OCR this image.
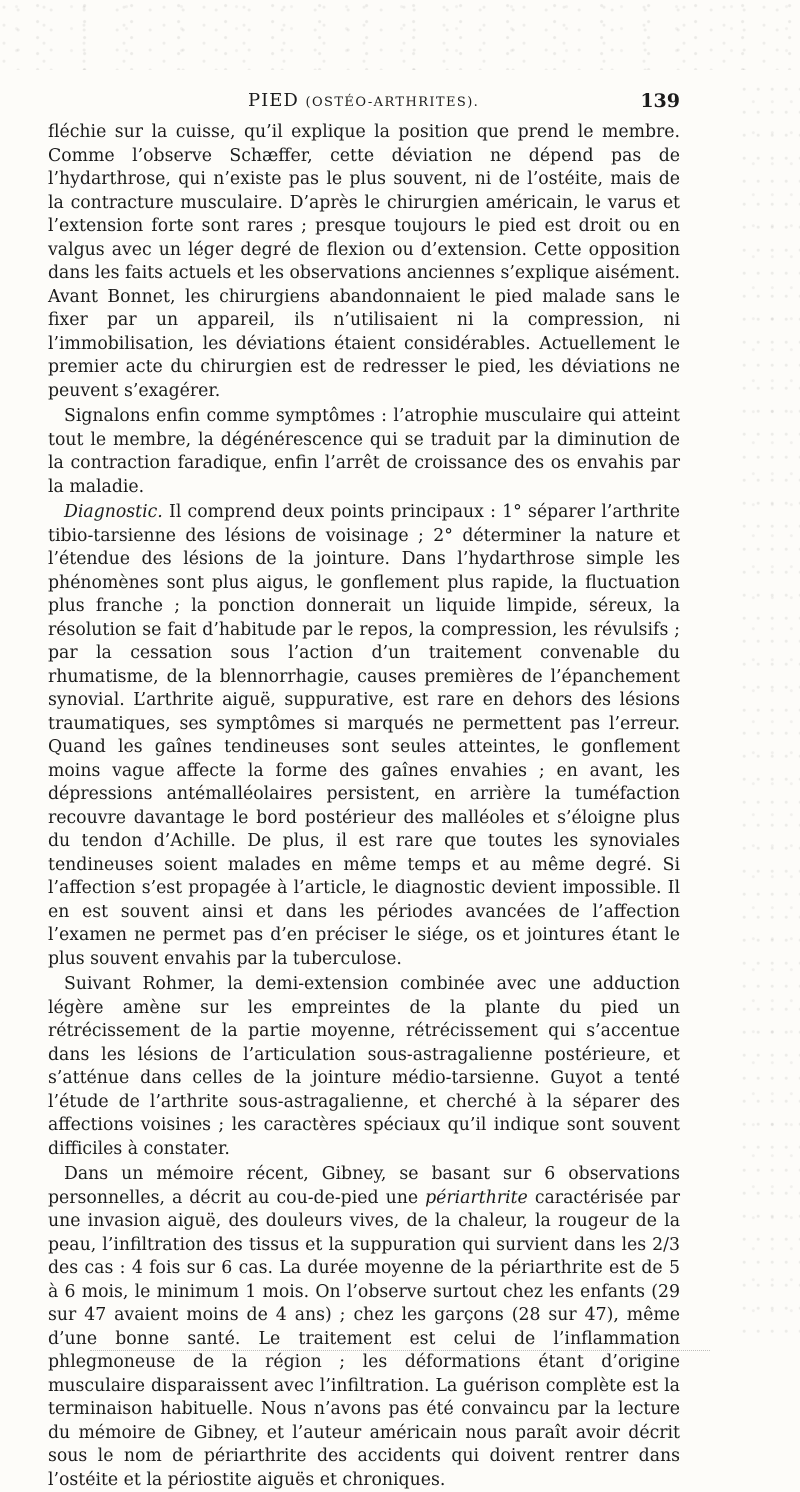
PIED (OSTÉO-ARTHRITES).	139

fléchie sur la cuisse, qu’il explique la position que prend le membre. Comme l’observe Schæffer, cette déviation ne dépend pas de l’hydarthrose, qui n’existe pas le plus souvent, ni de l’ostéite, mais de la contracture musculaire. D’après le chirurgien américain, le varus et l’extension forte sont rares ; presque toujours le pied est droit ou en valgus avec un léger degré de flexion ou d’extension. Cette opposition dans les faits actuels et les observations anciennes s’explique aisément. Avant Bonnet, les chirurgiens abandonnaient le pied malade sans le fixer par un appareil, ils n’utilisaient ni la compression, ni l’immobilisation, les déviations étaient considérables. Actuellement le premier acte du chirurgien est de redresser le pied, les déviations ne peuvent s’exagérer.

Signalons enfin comme symptômes : l’atrophie musculaire qui atteint tout le membre, la dégénérescence qui se traduit par la diminution de la contraction faradique, enfin l’arrêt de croissance des os envahis par la maladie.

Diagnostic. Il comprend deux points principaux : 1° séparer l’arthrite tibio-tarsienne des lésions de voisinage ; 2° déterminer la nature et l’étendue des lésions de la jointure. Dans l’hydarthrose simple les phénomènes sont plus aigus, le gonflement plus rapide, la fluctuation plus franche ; la ponction donnerait un liquide limpide, séreux, la résolution se fait d’habitude par le repos, la compression, les révulsifs ; par la cessation sous l’action d’un traitement convenable du rhumatisme, de la blennorrhagie, causes premières de l’épanchement synovial. L’arthrite aiguë, suppurative, est rare en dehors des lésions traumatiques, ses symptômes si marqués ne permettent pas l’erreur. Quand les gaînes tendineuses sont seules atteintes, le gonflement moins vague affecte la forme des gaînes envahies ; en avant, les dépressions antémalléolaires persistent, en arrière la tuméfaction recouvre davantage le bord postérieur des malléoles et s’éloigne plus du tendon d’Achille. De plus, il est rare que toutes les synoviales tendineuses soient malades en même temps et au même degré. Si l’affection s’est propagée à l’article, le diagnostic devient impossible. Il en est souvent ainsi et dans les périodes avancées de l’affection l’examen ne permet pas d’en préciser le siége, os et jointures étant le plus souvent envahis par la tuberculose.

Suivant Rohmer, la demi-extension combinée avec une adduction légère amène sur les empreintes de la plante du pied un rétrécissement de la partie moyenne, rétrécissement qui s’accentue dans les lésions de l’articulation sous-astragalienne postérieure, et s’atténue dans celles de la jointure médio-tarsienne. Guyot a tenté l’étude de l’arthrite sous-astragalienne, et cherché à la séparer des affections voisines ; les caractères spéciaux qu’il indique sont souvent difficiles à constater.

Dans un mémoire récent, Gibney, se basant sur 6 observations personnelles, a décrit au cou-de-pied une périarthrite caractérisée par une invasion aiguë, des douleurs vives, de la chaleur, la rougeur de la peau, l’infiltration des tissus et la suppuration qui survient dans les 2/3 des cas : 4 fois sur 6 cas. La durée moyenne de la périarthrite est de 5 à 6 mois, le minimum 1 mois. On l’observe surtout chez les enfants (29 sur 47 avaient moins de 4 ans) ; chez les garçons (28 sur 47), même d’une bonne santé. Le traitement est celui de l’inflammation phlegmoneuse de la région ; les déformations étant d’origine musculaire disparaissent avec l’infiltration. La guérison complète est la terminaison habituelle. Nous n’avons pas été convaincu par la lecture du mémoire de Gibney, et l’auteur américain nous paraît avoir décrit sous le nom de périarthrite des accidents qui doivent rentrer dans l’ostéite et la périostite aiguës et chroniques.
